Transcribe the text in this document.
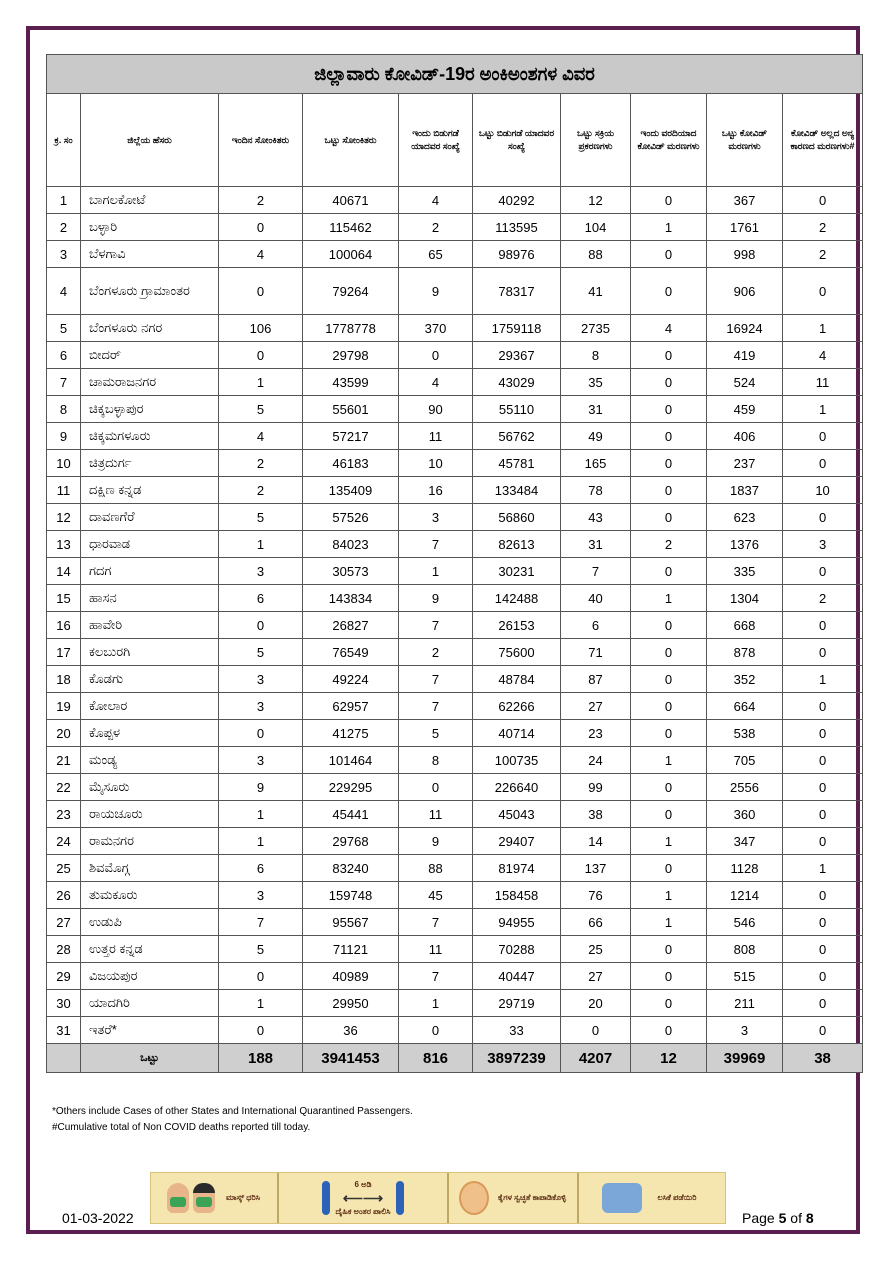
ಜಿಲ್ಲಾವಾರು ಕೋವಿಡ್-19ರ ಅಂಕಿಅಂಶಗಳ ವಿವರ									
ಕ್ರ. ಸಂ	ಜಿಲ್ಲೆಯ ಹೆಸರು	ಇಂದಿನ ಸೋಂಕಿತರು	ಒಟ್ಟು ಸೋಂಕಿತರು	ಇಂದು ಬಿಡುಗಡೆ ಯಾದವರ ಸಂಖ್ಯೆ	ಒಟ್ಟು ಬಿಡುಗಡೆ ಯಾದವರ ಸಂಖ್ಯೆ	ಒಟ್ಟು ಸಕ್ರಿಯ ಪ್ರಕರಣಗಳು	ಇಂದು ವರದಿಯಾದ ಕೋವಿಡ್ ಮರಣಗಳು	ಒಟ್ಟು ಕೋವಿಡ್ ಮರಣಗಳು	ಕೋವಿಡ್ ಅಲ್ಲದ ಅನ್ಯ ಕಾರಣದ ಮರಣಗಳು#
1	ಬಾಗಲಕೋಟೆ	2	40671	4	40292	12	0	367	0
2	ಬಳ್ಳಾರಿ	0	115462	2	113595	104	1	1761	2
3	ಬೆಳಗಾವಿ	4	100064	65	98976	88	0	998	2
4	ಬೆಂಗಳೂರು ಗ್ರಾಮಾಂತರ	0	79264	9	78317	41	0	906	0
5	ಬೆಂಗಳೂರು ನಗರ	106	1778778	370	1759118	2735	4	16924	1
6	ಬೀದರ್	0	29798	0	29367	8	0	419	4
7	ಚಾಮರಾಜನಗರ	1	43599	4	43029	35	0	524	11
8	ಚಿಕ್ಕಬಳ್ಳಾಪುರ	5	55601	90	55110	31	0	459	1
9	ಚಿಕ್ಕಮಗಳೂರು	4	57217	11	56762	49	0	406	0
10	ಚಿತ್ರದುರ್ಗ	2	46183	10	45781	165	0	237	0
11	ದಕ್ಷಿಣ ಕನ್ನಡ	2	135409	16	133484	78	0	1837	10
12	ದಾವಣಗೆರೆ	5	57526	3	56860	43	0	623	0
13	ಧಾರವಾಡ	1	84023	7	82613	31	2	1376	3
14	ಗದಗ	3	30573	1	30231	7	0	335	0
15	ಹಾಸನ	6	143834	9	142488	40	1	1304	2
16	ಹಾವೇರಿ	0	26827	7	26153	6	0	668	0
17	ಕಲಬುರಗಿ	5	76549	2	75600	71	0	878	0
18	ಕೊಡಗು	3	49224	7	48784	87	0	352	1
19	ಕೋಲಾರ	3	62957	7	62266	27	0	664	0
20	ಕೊಪ್ಪಳ	0	41275	5	40714	23	0	538	0
21	ಮಂಡ್ಯ	3	101464	8	100735	24	1	705	0
22	ಮೈಸೂರು	9	229295	0	226640	99	0	2556	0
23	ರಾಯಚೂರು	1	45441	11	45043	38	0	360	0
24	ರಾಮನಗರ	1	29768	9	29407	14	1	347	0
25	ಶಿವಮೊಗ್ಗ	6	83240	88	81974	137	0	1128	1
26	ತುಮಕೂರು	3	159748	45	158458	76	1	1214	0
27	ಉಡುಪಿ	7	95567	7	94955	66	1	546	0
28	ಉತ್ತರ ಕನ್ನಡ	5	71121	11	70288	25	0	808	0
29	ವಿಜಯಪುರ	0	40989	7	40447	27	0	515	0
30	ಯಾದಗಿರಿ	1	29950	1	29719	20	0	211	0
31	ಇತರೆ*	0	36	0	33	0	0	3	0
	ಒಟ್ಟು	188	3941453	816	3897239	4207	12	39969	38
*Others include Cases of other States and International Quarantined Passengers.
#Cumulative total of Non COVID deaths reported till today.
ಮಾಸ್ಕ್ ಧರಿಸಿ
6 ಅಡಿ
⟵⟶
ದೈಹಿಕ ಅಂತರ ಪಾಲಿಸಿ
ಕೈಗಳ ಸ್ವಚ್ಛತೆ ಕಾಪಾಡಿಕೊಳ್ಳಿ	ಲಸಿಕೆ ಪಡೆಯಿರಿ
01-03-2022	Page 5 of 8
